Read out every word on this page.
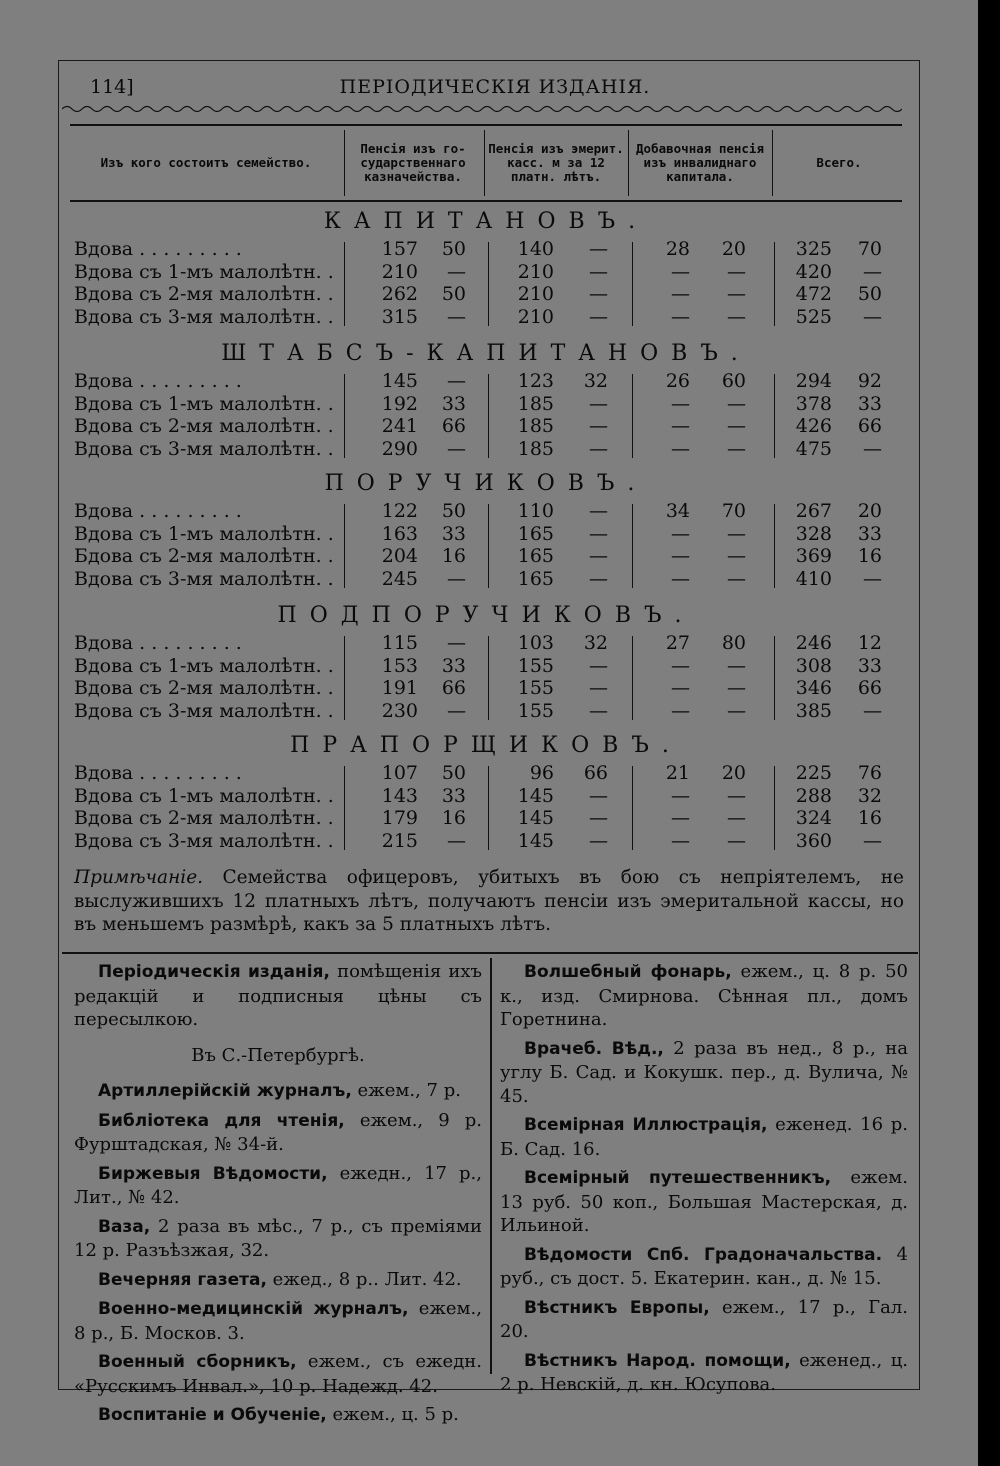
114]	ПЕРІОДИЧЕСКІЯ ИЗДАНІЯ.
Изъ кого состоитъ семейство.
Пенсія изъ го-сударственнаго казначейства.
Пенсія изъ эмерит. касс. м за 12 платн. лѣтъ.
Добавочная пенсія изъ инвалиднаго капитала.
Всего.
КАПИТАНОВЪ.
Вдова . . . . . . . . .	157	50	140	—	28	20	325	70
Вдова съ 1-мъ малолѣтн. .	210	—	210	—	—	—	420	—
Вдова съ 2-мя малолѣтн. .	262	50	210	—	—	—	472	50
Вдова съ 3-мя малолѣтн. .	315	—	210	—	—	—	525	—
ШТАБСЪ-КАПИТАНОВЪ.
Вдова . . . . . . . . .	145	—	123	32	26	60	294	92
Вдова съ 1-мъ малолѣтн. .	192	33	185	—	—	—	378	33
Вдова съ 2-мя малолѣтн. .	241	66	185	—	—	—	426	66
Вдова съ 3-мя малолѣтн. .	290	—	185	—	—	—	475	—
ПОРУЧИКОВЪ.
Вдова . . . . . . . . .	122	50	110	—	34	70	267	20
Вдова съ 1-мъ малолѣтн. .	163	33	165	—	—	—	328	33
Бдова съ 2-мя малолѣтн. .	204	16	165	—	—	—	369	16
Вдова съ 3-мя малолѣтн. .	245	—	165	—	—	—	410	—
ПОДПОРУЧИКОВЪ.
Вдова . . . . . . . . .	115	—	103	32	27	80	246	12
Вдова съ 1-мъ малолѣтн. .	153	33	155	—	—	—	308	33
Вдова съ 2-мя малолѣтн. .	191	66	155	—	—	—	346	66
Вдова съ 3-мя малолѣтн. .	230	—	155	—	—	—	385	—
ПРАПОРЩИКОВЪ.
Вдова . . . . . . . . .	107	50	96	66	21	20	225	76
Вдова съ 1-мъ малолѣтн. .	143	33	145	—	—	—	288	32
Вдова съ 2-мя малолѣтн. .	179	16	145	—	—	—	324	16
Вдова съ 3-мя малолѣтн. .	215	—	145	—	—	—	360	—
Примѣчаніе. Семейства офицеровъ, убитыхъ въ бою съ непріятелемъ, не выслужившихъ 12 платныхъ лѣтъ, получаютъ пенсіи изъ эмеритальной кассы, но въ меньшемъ размѣрѣ, какъ за 5 платныхъ лѣтъ.

Періодическія изданія, помѣщенія ихъ редакцій и подписныя цѣны съ пересылкою.

Въ С.-Петербургѣ.

Артиллерійскій журналъ, ежем., 7 р.

Библіотека для чтенія, ежем., 9 р. Фурштадская, № 34-й.

Биржевыя Вѣдомости, ежедн., 17 р., Лит., № 42.

Ваза, 2 раза въ мѣс., 7 р., съ преміями 12 р. Разъѣзжая, 32.

Вечерняя газета, ежед., 8 р.. Лит. 42.

Военно-медицинскій журналъ, ежем., 8 р., Б. Москов. 3.

Военный сборникъ, ежем., съ ежедн. «Русскимъ Инвал.», 10 р. Надежд. 42.

Воспитаніе и Обученіе, ежем., ц. 5 р.

Волшебный фонарь, ежем., ц. 8 р. 50 к., изд. Смирнова. Сѣнная пл., домъ Горетнина.

Врачеб. Вѣд., 2 раза въ нед., 8 р., на углу Б. Сад. и Кокушк. пер., д. Вулича, № 45.

Всемірная Иллюстрація, еженед. 16 р. Б. Сад. 16.

Всемірный путешественникъ, ежем. 13 руб. 50 коп., Большая Мастерская, д. Ильиной.

Вѣдомости Спб. Градоначальства. 4 руб., съ дост. 5. Екатерин. кан., д. № 15.

Вѣстникъ Европы, ежем., 17 р., Гал. 20.

Вѣстникъ Народ. помощи, еженед., ц. 2 р. Невскій, д. кн. Юсупова.
